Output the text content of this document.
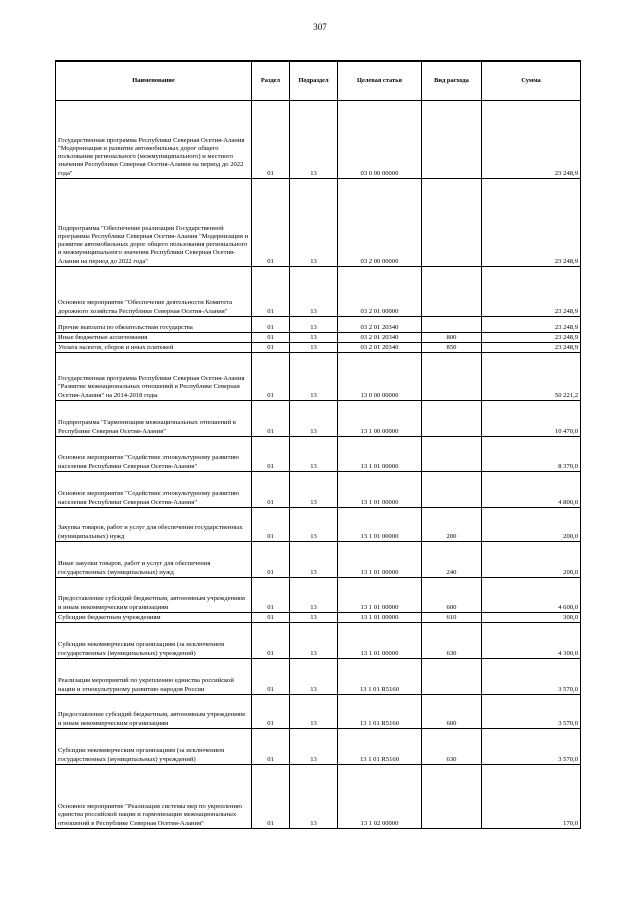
307
Наименование	Раздел	Подраздел	Целевая статья	Вид расхода	Сумма
Государственная программа Республики Северная Осетия-Алания "Модернизация и развитие автомобильных дорог общего пользования регионального (межмуниципального) и местного значения Республики Северная Осетия-Алания на период до 2022 года"	01	13	03 0 00 00000		23 248,9
Подпрограмма "Обеспечение реализации Государственной программы Республики Северная Осетия-Алания "Модернизация и развитие автомобильных дорог общего пользования регионального и межмуниципального значения Республики Северная Осетия-Алания на период до 2022 года"	01	13	03 2 00 00000		23 248,9
Основное мероприятие "Обеспечение деятельности Комитета дорожного хозяйства Республики Северная Осетия-Алания"	01	13	03 2 01 00000		23 248,9
Прочие выплаты по обязательствам государства	01	13	03 2 01 20340		23 248,9
Иные бюджетные ассигнования	01	13	03 2 01 20340	800	23 248,9
Уплата налогов, сборов и иных платежей	01	13	03 2 01 20340	850	23 248,9
Государственная программа Республики Северная Осетия-Алания "Развитие межнациональных отношений в Республике Северная Осетия-Алания" на 2014-2018 годы	01	13	13 0 00 00000		50 221,2
Подпрограмма "Гармонизация межнациональных отношений в Республике Северная Осетия-Алания"	01	13	13 1 00 00000		10 470,0
Основное мероприятие "Содействие этнокультурному развитию населения Республики Северная Осетия-Алания"	01	13	13 1 01 00000		8 370,0
Основное мероприятие "Содействие этнокультурному развитию населения Республики Северная Осетия-Алания"	01	13	13 1 01 00000		4 800,0
Закупка товаров, работ и услуг для обеспечения государственных (муниципальных) нужд	01	13	13 1 01 00000	200	200,0
Иные закупки товаров, работ и услуг для обеспечения государственных (муниципальных) нужд	01	13	13 1 01 00000	240	200,0
Предоставление субсидий бюджетным, автономным учреждениям и иным некоммерческим организациям	01	13	13 1 01 00000	600	4 600,0
Субсидии бюджетным учреждениям	01	13	13 1 01 00000	610	300,0
Субсидии некоммерческим организациям (за исключением государственных (муниципальных) учреждений)	01	13	13 1 01 00000	630	4 300,0
Реализация мероприятий по укреплению единства российской нации и этнокультурному развитию народов России	01	13	13 1 01 R5160		3 570,0
Предоставление субсидий бюджетным, автономным учреждениям и иным некоммерческим организациям	01	13	13 1 01 R5160	600	3 570,0
Субсидии некоммерческим организациям (за исключением государственных (муниципальных) учреждений)	01	13	13 1 01 R5160	630	3 570,0
Основное мероприятие "Реализация системы мер по укреплению единства российской нации и гармонизации межнациональных отношений в Республике Северная Осетия-Алания"	01	13	13 1 02 00000		170,0
